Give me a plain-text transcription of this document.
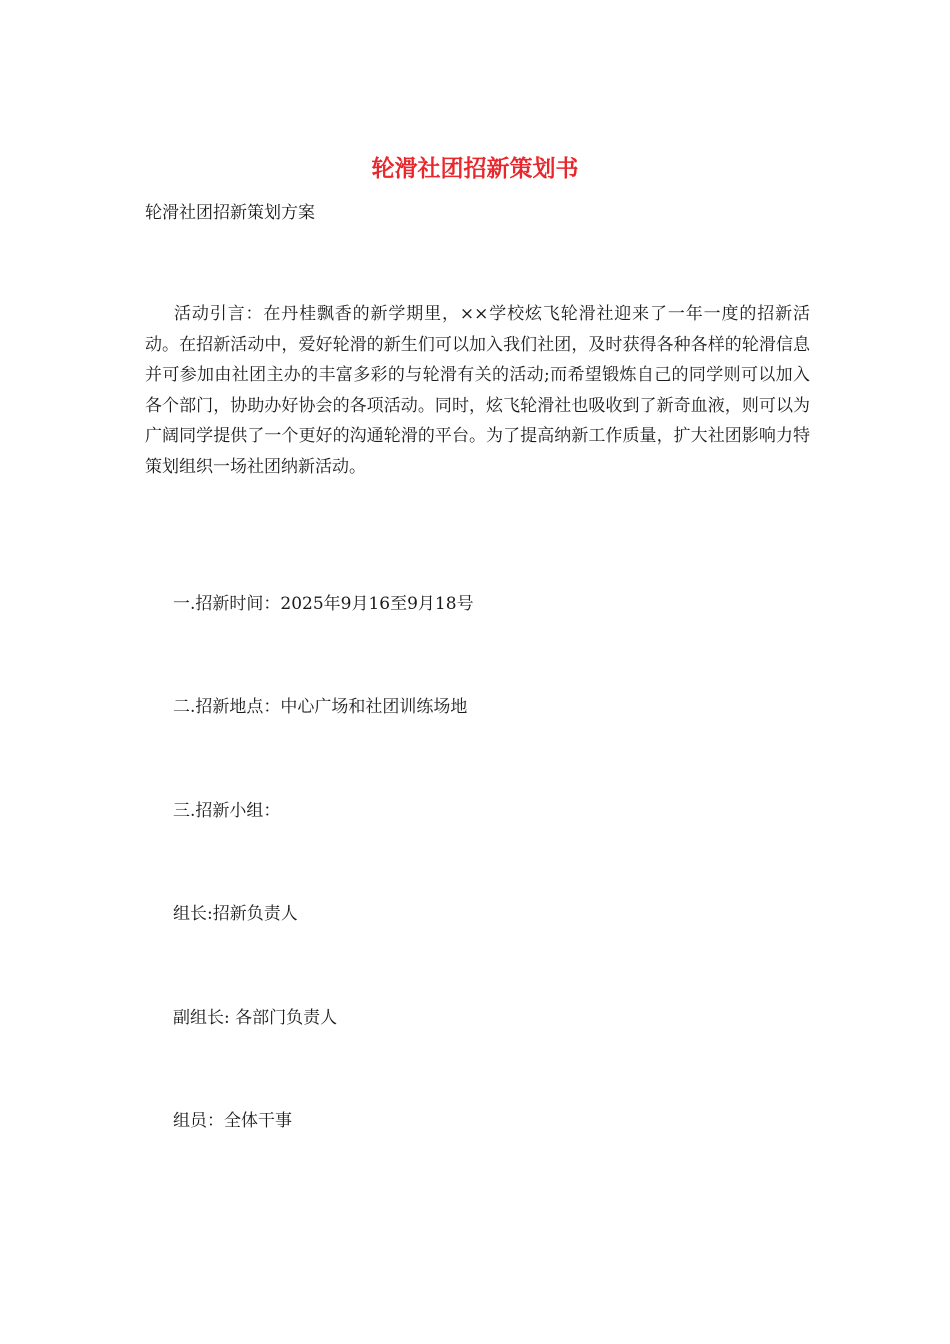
轮滑社团招新策划书

轮滑社团招新策划方案

活动引言：在丹桂飘香的新学期里，××学校炫飞轮滑社迎来了一年一度的招新活动。在招新活动中，爱好轮滑的新生们可以加入我们社团，及时获得各种各样的轮滑信息并可参加由社团主办的丰富多彩的与轮滑有关的活动;而希望锻炼自己的同学则可以加入各个部门，协助办好协会的各项活动。同时，炫飞轮滑社也吸收到了新奇血液，则可以为广阔同学提供了一个更好的沟通轮滑的平台。为了提高纳新工作质量，扩大社团影响力特策划组织一场社团纳新活动。

一.招新时间：2025年9月16至9月18号

二.招新地点：中心广场和社团训练场地

三.招新小组：

组长:招新负责人

副组长: 各部门负责人

组员：全体干事
